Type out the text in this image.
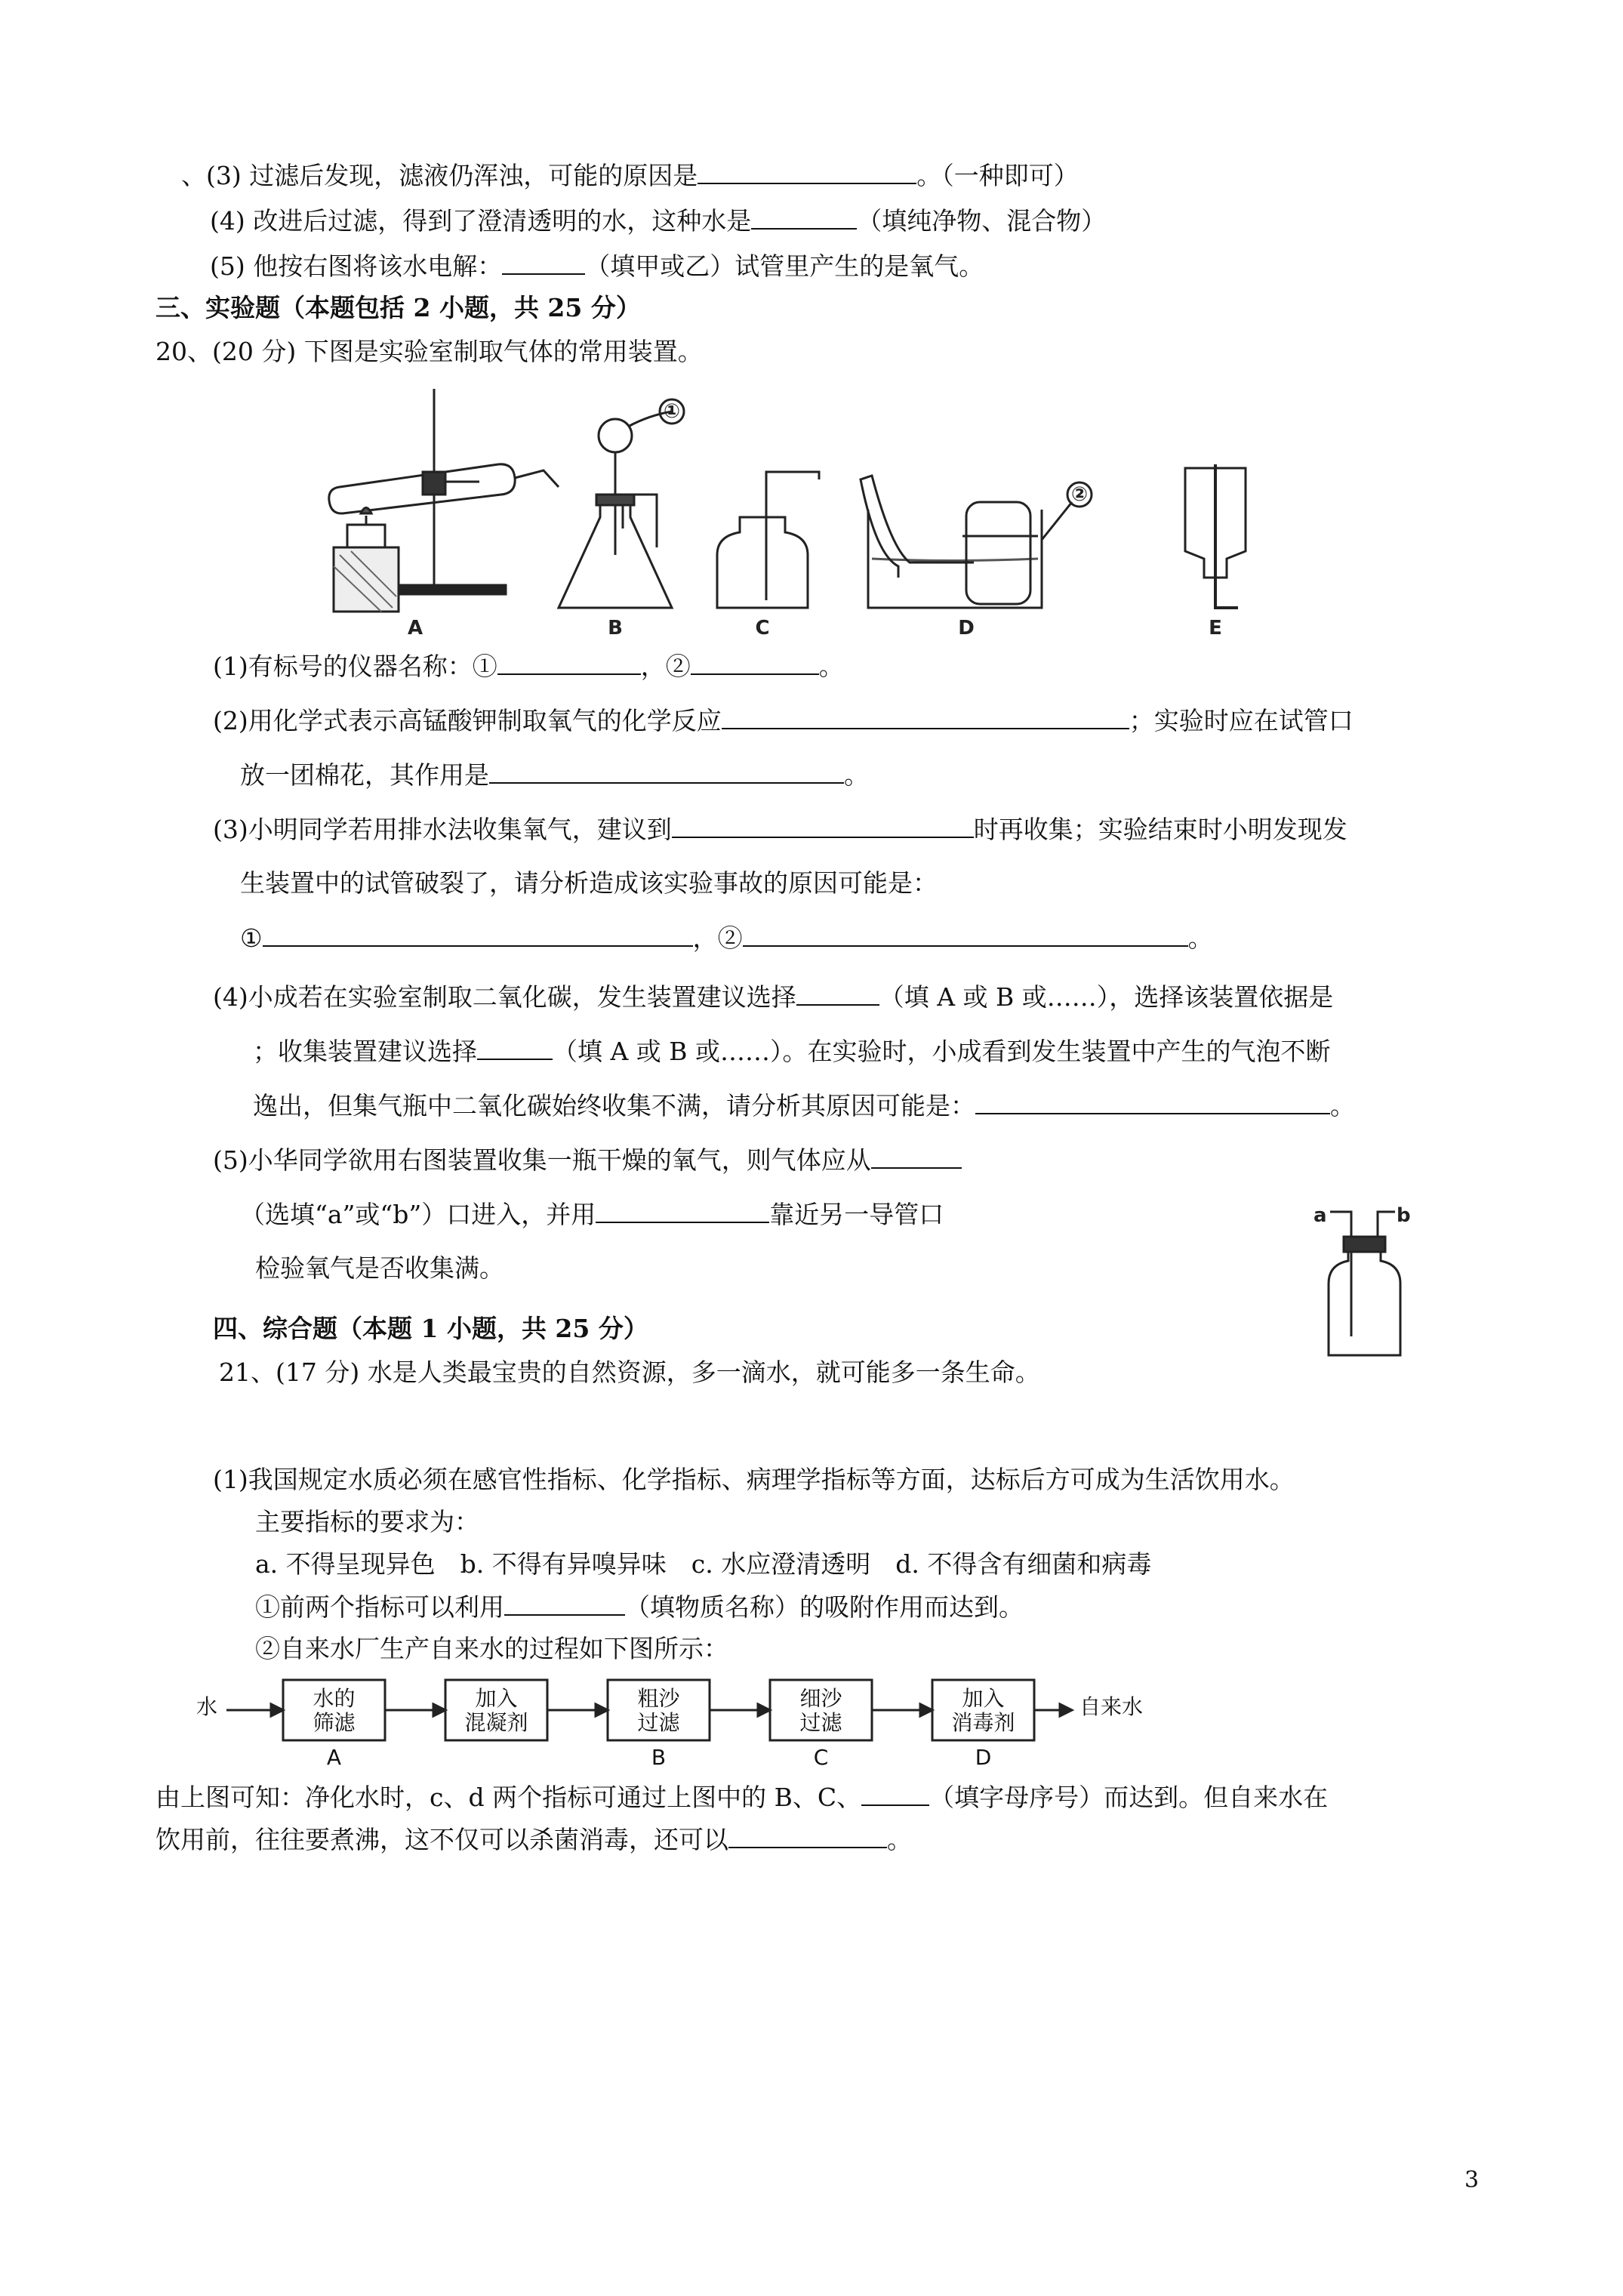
、(3) 过滤后发现，滤液仍浑浊，可能的原因是	。（一种即可）
(4) 改进后过滤，得到了澄清透明的水，这种水是	（填纯净物、混合物）
(5) 他按右图将该水电解：	（填甲或乙）试管里产生的是氧气。
三、实验题（本题包括 2 小题，共 25 分）
20、(20 分) 下图是实验室制取气体的常用装置。
②
①
A	B	C	D	E
(1)有标号的仪器名称：①	，②	。
(2)用化学式表示高锰酸钾制取氧气的化学反应	；实验时应在试管口
放一团棉花，其作用是	。
(3)小明同学若用排水法收集氧气，建议到	时再收集；实验结束时小明发现发
生装置中的试管破裂了，请分析造成该实验事故的原因可能是：
①	，②	。
(4)小成若在实验室制取二氧化碳，发生装置建议选择	（填 A 或 B 或……），选择该装置依据是
；收集装置建议选择	（填 A 或 B 或……）。在实验时，小成看到发生装置中产生的气泡不断
逸出，但集气瓶中二氧化碳始终收集不满，请分析其原因可能是：	。
(5)小华同学欲用右图装置收集一瓶干燥的氧气，则气体应从
（选填“a”或“b”）口进入，并用	靠近另一导管口
检验氧气是否收集满。
a	b
四、综合题（本题 1 小题，共 25 分）
21、(17 分) 水是人类最宝贵的自然资源，多一滴水，就可能多一条生命。
(1)我国规定水质必须在感官性指标、化学指标、病理学指标等方面，达标后方可成为生活饮用水。
主要指标的要求为：
a. 不得呈现异色　b. 不得有异嗅异味　c. 水应澄清透明　d. 不得含有细菌和病毒
①前两个指标可以利用	（填物质名称）的吸附作用而达到。
②自来水厂生产自来水的过程如下图所示：
水	自来水
水的
筛滤
A
加入
混凝剂
粗沙
过滤
B
细沙
过滤
C
加入
消毒剂
D
由上图可知：净化水时，c、d 两个指标可通过上图中的 B、C、	（填字母序号）而达到。但自来水在
饮用前，往往要煮沸，这不仅可以杀菌消毒，还可以	。
3
